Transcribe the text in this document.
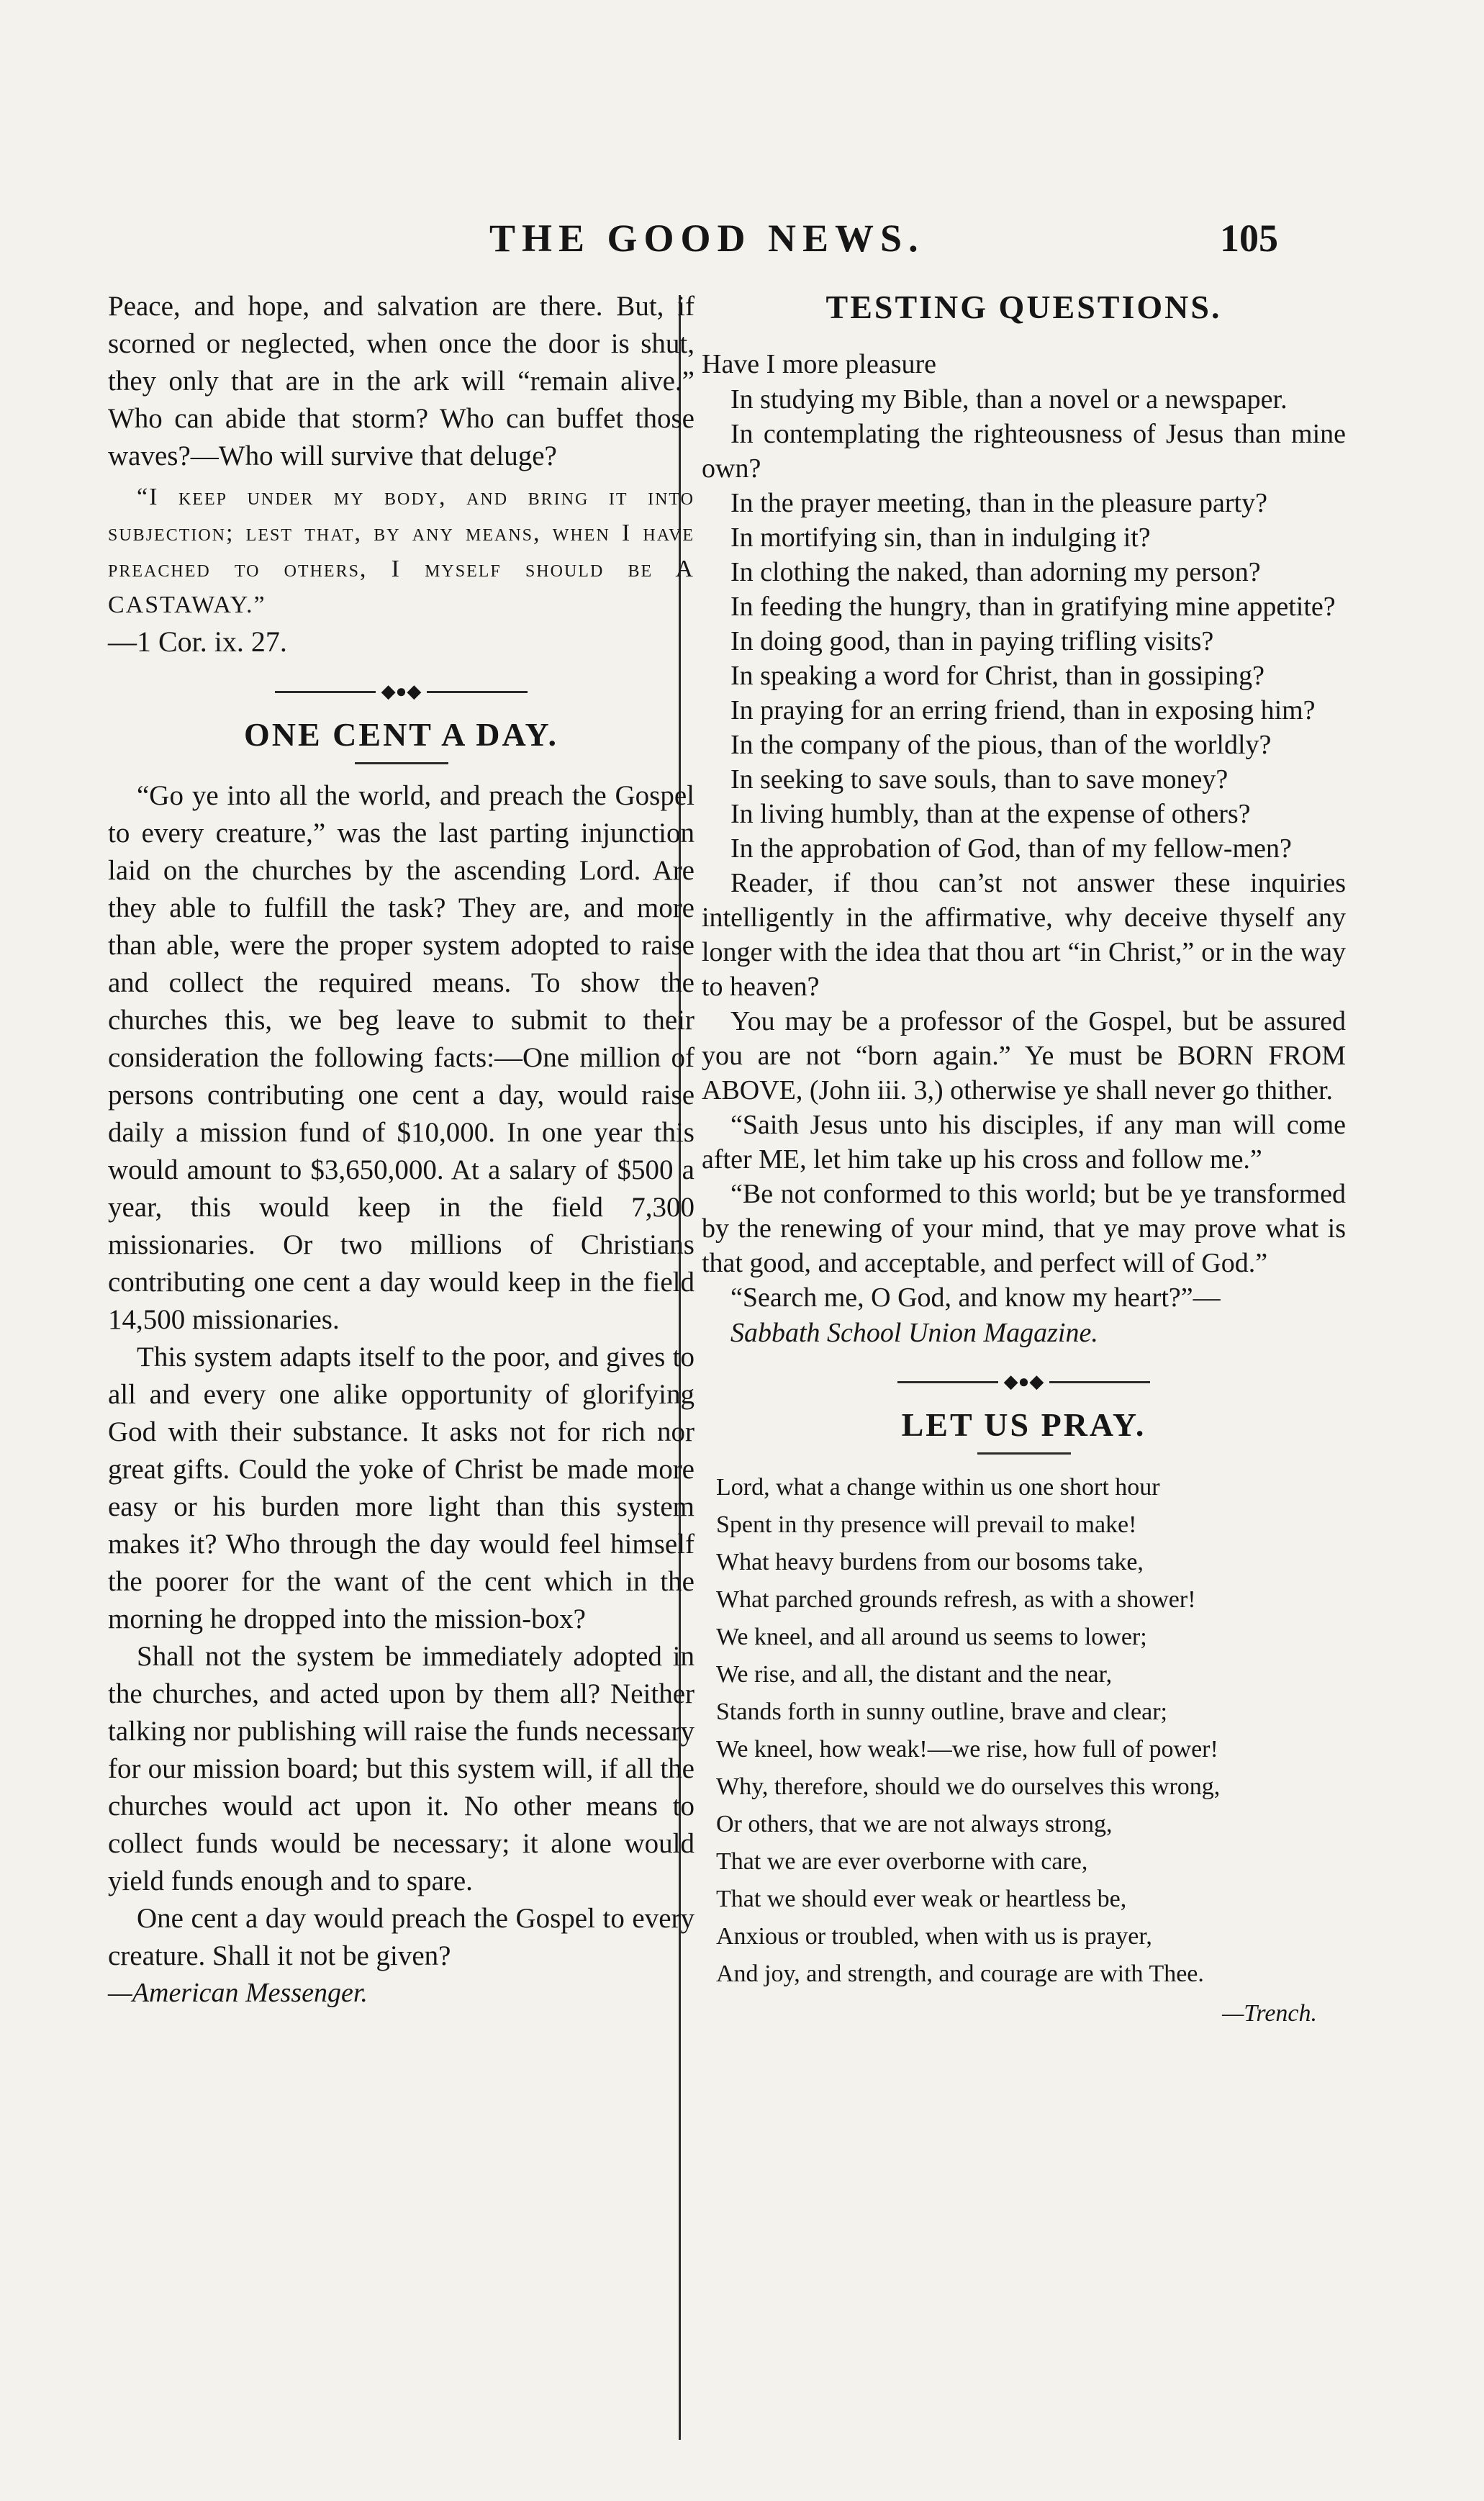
THE GOOD NEWS.	105

Peace, and hope, and salvation are there. But, if scorned or neglected, when once the door is shut, they only that are in the ark will “remain alive.” Who can abide that storm? Who can buffet those waves?—Who will survive that deluge?

“I keep under my body, and bring it into subjection; lest that, by any means, when I have preached to others, I myself should be A CASTAWAY.”

—1 Cor. ix. 27.

◆●◆
ONE CENT A DAY.

“Go ye into all the world, and preach the Gospel to every creature,” was the last parting injunction laid on the churches by the ascending Lord. Are they able to fulfill the task? They are, and more than able, were the proper system adopted to raise and collect the required means. To show the churches this, we beg leave to submit to their consideration the following facts:—One million of persons contributing one cent a day, would raise daily a mission fund of $10,000. In one year this would amount to $3,650,000. At a salary of $500 a year, this would keep in the field 7,300 missionaries. Or two millions of Christians contributing one cent a day would keep in the field 14,500 missionaries.

This system adapts itself to the poor, and gives to all and every one alike opportunity of glorifying God with their substance. It asks not for rich nor great gifts. Could the yoke of Christ be made more easy or his burden more light than this system makes it? Who through the day would feel himself the poorer for the want of the cent which in the morning he dropped into the mission-box?

Shall not the system be immediately adopted in the churches, and acted upon by them all? Neither talking nor publishing will raise the funds necessary for our mission board; but this system will, if all the churches would act upon it. No other means to collect funds would be necessary; it alone would yield funds enough and to spare.

One cent a day would preach the Gospel to every creature. Shall it not be given?

—American Messenger.

TESTING QUESTIONS.

Have I more pleasure

In studying my Bible, than a novel or a newspaper.
In contemplating the righteousness of Jesus than mine own?
In the prayer meeting, than in the pleasure party?
In mortifying sin, than in indulging it?
In clothing the naked, than adorning my person?
In feeding the hungry, than in gratifying mine appetite?
In doing good, than in paying trifling visits?
In speaking a word for Christ, than in gossiping?
In praying for an erring friend, than in exposing him?
In the company of the pious, than of the worldly?
In seeking to save souls, than to save money?
In living humbly, than at the expense of others?
In the approbation of God, than of my fellow-men?

Reader, if thou can’st not answer these inquiries intelligently in the affirmative, why deceive thyself any longer with the idea that thou art “in Christ,” or in the way to heaven?

You may be a professor of the Gospel, but be assured you are not “born again.” Ye must be BORN FROM ABOVE, (John iii. 3,) otherwise ye shall never go thither.

“Saith Jesus unto his disciples, if any man will come after ME, let him take up his cross and follow me.”

“Be not conformed to this world; but be ye transformed by the renewing of your mind, that ye may prove what is that good, and acceptable, and perfect will of God.”

“Search me, O God, and know my heart?”—

Sabbath School Union Magazine.

◆●◆
LET US PRAY.
Lord, what a change within us one short hour
Spent in thy presence will prevail to make!
What heavy burdens from our bosoms take,
What parched grounds refresh, as with a shower!
We kneel, and all around us seems to lower;
We rise, and all, the distant and the near,
Stands forth in sunny outline, brave and clear;
We kneel, how weak!—we rise, how full of power!
Why, therefore, should we do ourselves this wrong,
Or others, that we are not always strong,
That we are ever overborne with care,
That we should ever weak or heartless be,
Anxious or troubled, when with us is prayer,
And joy, and strength, and courage are with Thee.

—Trench.
